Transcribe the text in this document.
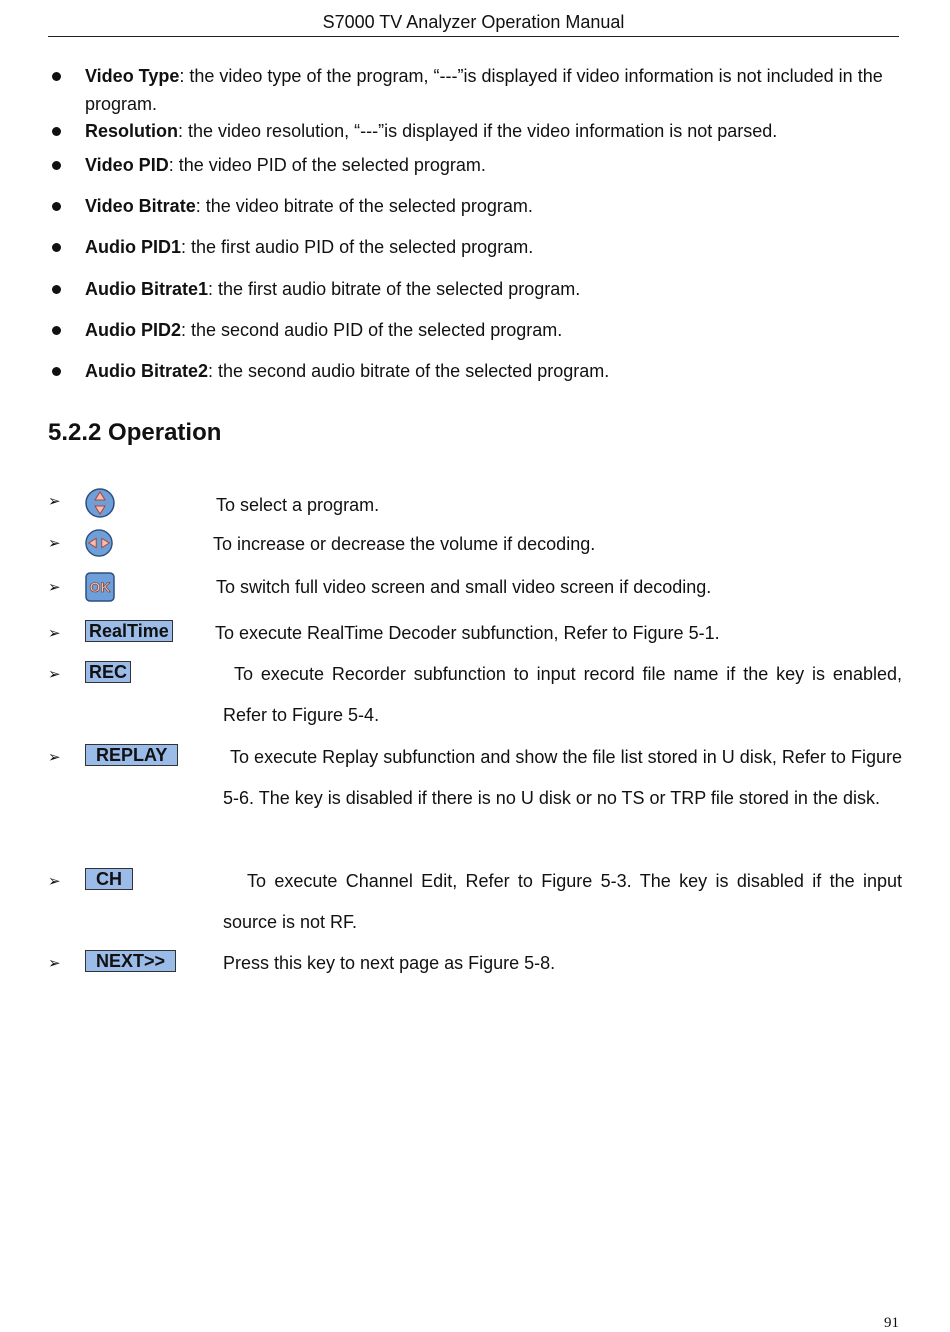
S7000 TV Analyzer Operation Manual
Video Type: the video type of the program, “---”is displayed if video information is not included in the program.
Resolution: the video resolution, “---”is displayed if the video information is not parsed.
Video PID: the video PID of the selected program.
Video Bitrate: the video bitrate of the selected program.
Audio PID1: the first audio PID of the selected program.
Audio Bitrate1: the first audio bitrate of the selected program.
Audio PID2: the second audio PID of the selected program.
Audio Bitrate2: the second audio bitrate of the selected program.
5.2.2 Operation
➢	To select a program.
➢	To increase or decrease the volume if decoding.
➢ OK	To switch full video screen and small video screen if decoding.
➢ RealTime	To execute RealTime Decoder subfunction, Refer to Figure 5-1.
➢ REC	To execute Recorder subfunction to input record file name if the key is enabled, Refer to Figure 5-4.
➢	REPLAY	To execute Replay subfunction and show the file list stored in U disk, Refer to Figure 5-6. The key is disabled if there is no U disk or no TS or TRP file stored in the disk.
➢	CH	To execute Channel Edit, Refer to Figure 5-3. The key is disabled if the input source is not RF.
➢	NEXT>>	Press this key to next page as Figure 5-8.
91
